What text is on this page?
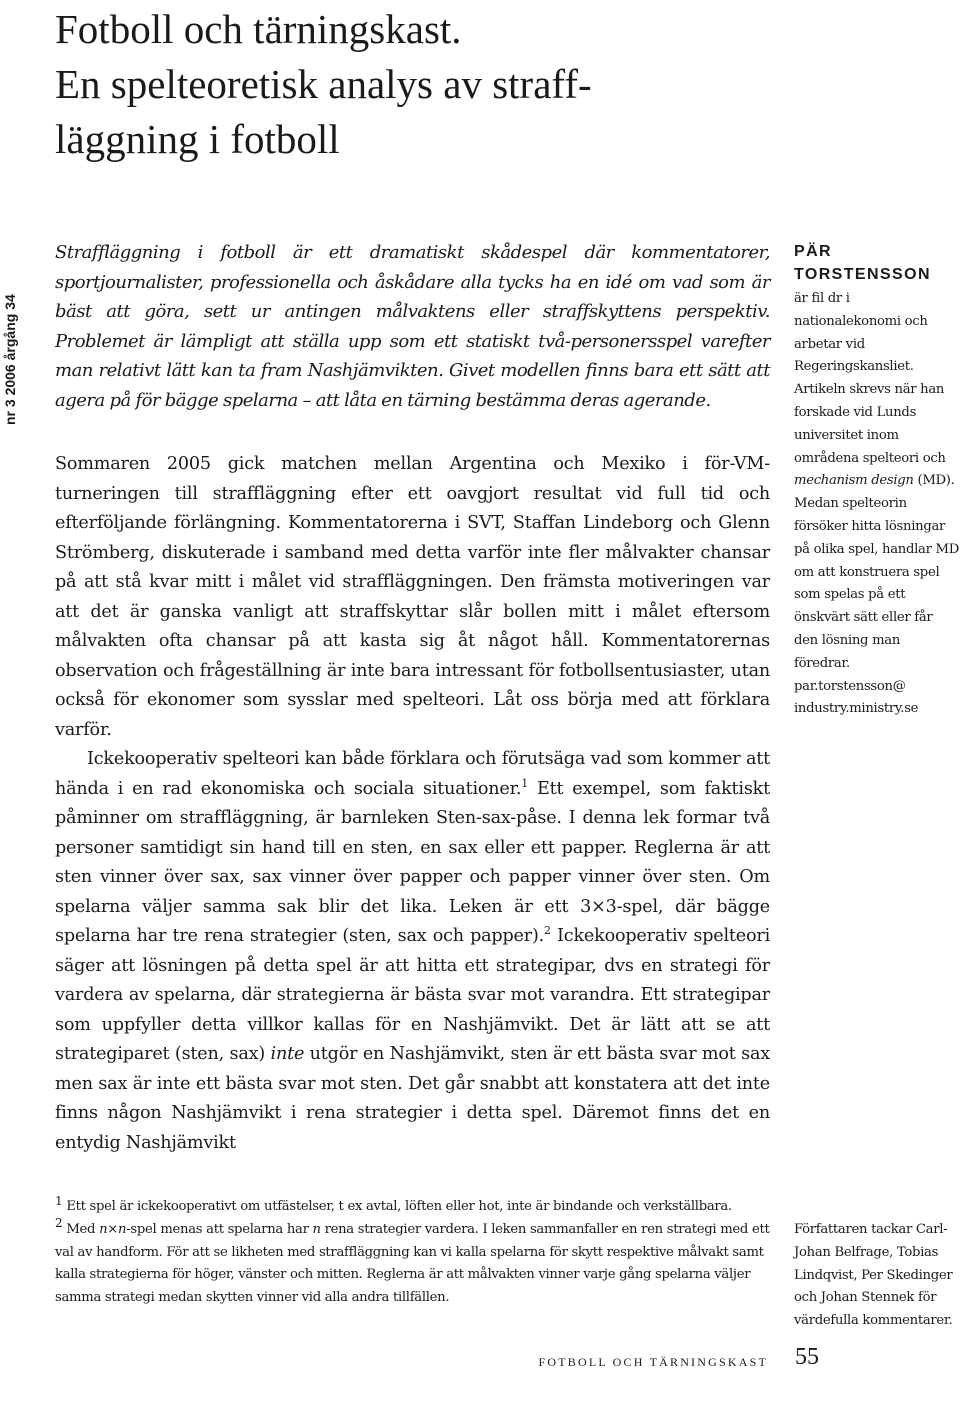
Fotboll och tärningskast.
En spelteoretisk analys av straff-
läggning i fotboll
nr 3 2006 årgång 34

Straffläggning i fotboll är ett dramatiskt skådespel där kommentatorer, sportjournalister, professionella och åskådare alla tycks ha en idé om vad som är bäst att göra, sett ur antingen målvaktens eller straffskyttens perspektiv. Problemet är lämpligt att ställa upp som ett statiskt två-personersspel varefter man relativt lätt kan ta fram Nashjämvikten. Givet modellen finns bara ett sätt att agera på för bägge spelarna – att låta en tärning bestämma deras agerande.

Sommaren 2005 gick matchen mellan Argentina och Mexiko i för-VM-turneringen till straffläggning efter ett oavgjort resultat vid full tid och efterföljande förlängning. Kommentatorerna i SVT, Staffan Lindeborg och Glenn Strömberg, diskuterade i samband med detta varför inte fler målvakter chansar på att stå kvar mitt i målet vid straffläggningen. Den främsta motiveringen var att det är ganska vanligt att straffskyttar slår bollen mitt i målet eftersom målvakten ofta chansar på att kasta sig åt något håll. Kommentatorernas observation och frågeställning är inte bara intressant för fotbollsentusiaster, utan också för ekonomer som sysslar med spelteori. Låt oss börja med att förklara varför.

Ickekooperativ spelteori kan både förklara och förutsäga vad som kommer att hända i en rad ekonomiska och sociala situationer.$^1$ Ett exempel, som faktiskt påminner om straffläggning, är barnleken Sten-sax-påse. I denna lek formar två personer samtidigt sin hand till en sten, en sax eller ett papper. Reglerna är att sten vinner över sax, sax vinner över papper och papper vinner över sten. Om spelarna väljer samma sak blir det lika. Leken är ett 3×3-spel, där bägge spelarna har tre rena strategier (sten, sax och papper).$^2$ Ickekooperativ spelteori säger att lösningen på detta spel är att hitta ett strategipar, dvs en strategi för vardera av spelarna, där strategierna är bästa svar mot varandra. Ett strategipar som uppfyller detta villkor kallas för en Nashjämvikt. Det är lätt att se att strategiparet (sten, sax) inte utgör en Nashjämvikt, sten är ett bästa svar mot sax men sax är inte ett bästa svar mot sten. Det går snabbt att konstatera att det inte finns någon Nashjämvikt i rena strategier i detta spel. Däremot finns det en entydig Nashjämvikt

PÄR
TORSTENSSON
är fil dr i nationalekonomi och arbetar vid Regeringskansliet. Artikeln skrevs när han forskade vid Lunds universitet inom områdena spelteori och mechanism design (MD). Medan spelteorin försöker hitta lösningar på olika spel, handlar MD om att konstruera spel som spelas på ett önskvärt sätt eller får den lösning man föredrar.
par.torstensson@
industry.ministry.se

1 Ett spel är ickekooperativt om utfästelser, t ex avtal, löften eller hot, inte är bindande och verkställbara.

2 Med n×n-spel menas att spelarna har n rena strategier vardera. I leken sammanfaller en ren strategi med ett val av handform. För att se likheten med straffläggning kan vi kalla spelarna för skytt respektive målvakt samt kalla strategierna för höger, vänster och mitten. Reglerna är att målvakten vinner varje gång spelarna väljer samma strategi medan skytten vinner vid alla andra tillfällen.

Författaren tackar Carl-Johan Belfrage, Tobias Lindqvist, Per Skedinger och Johan Stennek för värdefulla kommentarer.
FOTBOLL OCH TÄRNINGSKAST 55
